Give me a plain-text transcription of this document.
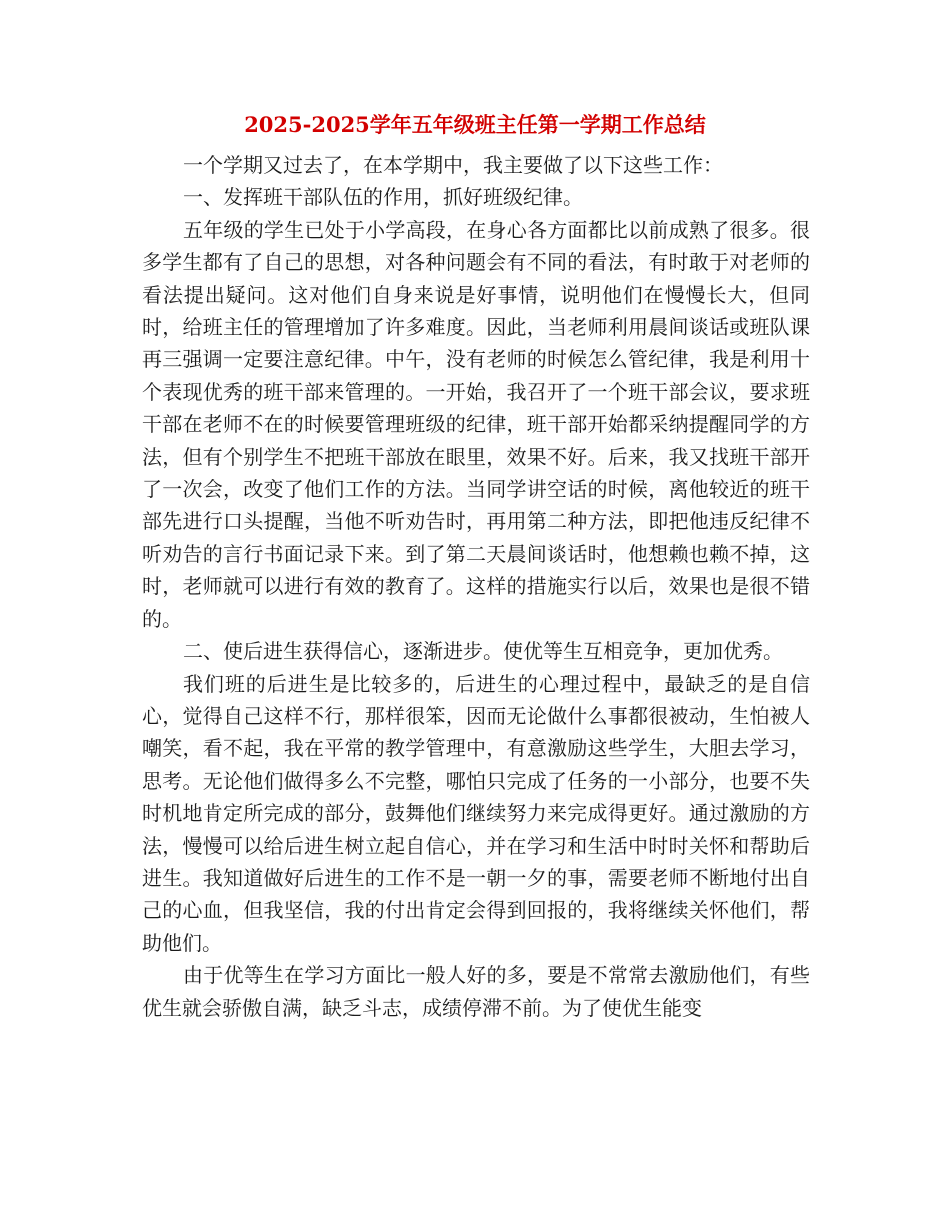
2025-2025学年五年级班主任第一学期工作总结

一个学期又过去了，在本学期中，我主要做了以下这些工作：

一、发挥班干部队伍的作用，抓好班级纪律。

五年级的学生已处于小学高段，在身心各方面都比以前成熟了很多。很多学生都有了自己的思想，对各种问题会有不同的看法，有时敢于对老师的看法提出疑问。这对他们自身来说是好事情，说明他们在慢慢长大，但同时，给班主任的管理增加了许多难度。因此，当老师利用晨间谈话或班队课再三强调一定要注意纪律。中午，没有老师的时候怎么管纪律，我是利用十个表现优秀的班干部来管理的。一开始，我召开了一个班干部会议，要求班干部在老师不在的时候要管理班级的纪律，班干部开始都采纳提醒同学的方法，但有个别学生不把班干部放在眼里，效果不好。后来，我又找班干部开了一次会，改变了他们工作的方法。当同学讲空话的时候，离他较近的班干部先进行口头提醒，当他不听劝告时，再用第二种方法，即把他违反纪律不听劝告的言行书面记录下来。到了第二天晨间谈话时，他想赖也赖不掉，这时，老师就可以进行有效的教育了。这样的措施实行以后，效果也是很不错的。

二、使后进生获得信心，逐渐进步。使优等生互相竞争，更加优秀。

我们班的后进生是比较多的，后进生的心理过程中，最缺乏的是自信心，觉得自己这样不行，那样很笨，因而无论做什么事都很被动，生怕被人嘲笑，看不起，我在平常的教学管理中，有意激励这些学生，大胆去学习，思考。无论他们做得多么不完整，哪怕只完成了任务的一小部分，也要不失时机地肯定所完成的部分，鼓舞他们继续努力来完成得更好。通过激励的方法，慢慢可以给后进生树立起自信心，并在学习和生活中时时关怀和帮助后进生。我知道做好后进生的工作不是一朝一夕的事，需要老师不断地付出自己的心血，但我坚信，我的付出肯定会得到回报的，我将继续关怀他们，帮助他们。

由于优等生在学习方面比一般人好的多，要是不常常去激励他们，有些优生就会骄傲自满，缺乏斗志，成绩停滞不前。为了使优生能变
